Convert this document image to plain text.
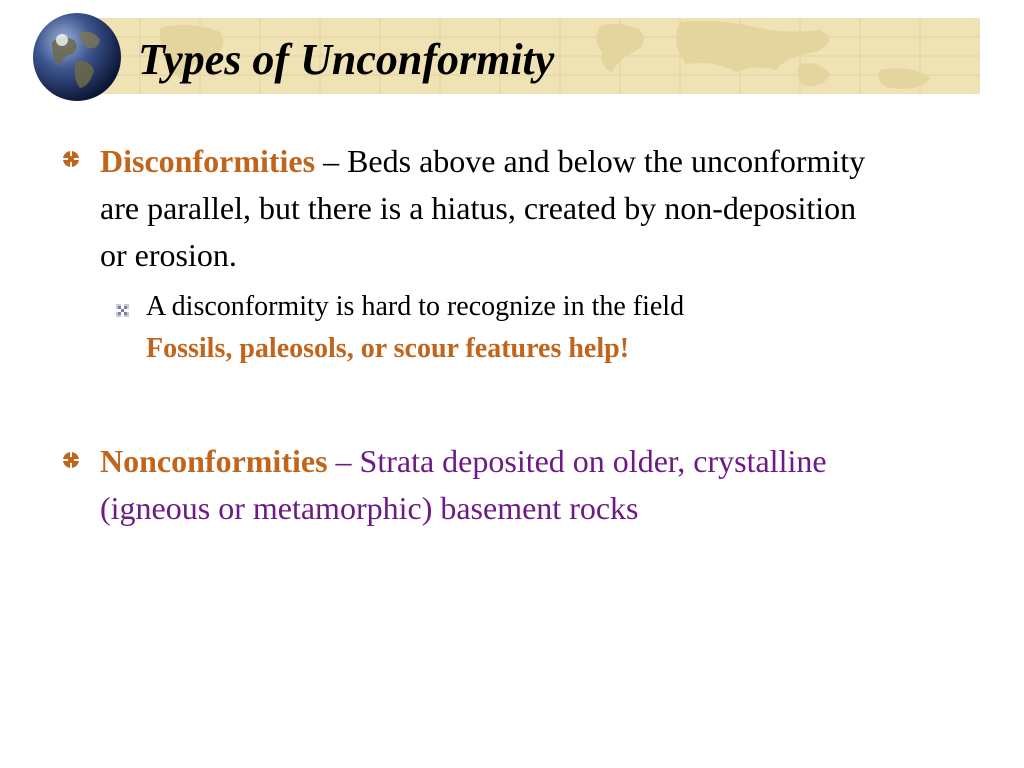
Types of Unconformity
Disconformities – Beds above and below the unconformity are parallel, but there is a hiatus, created by non-deposition or erosion.
A disconformity is hard to recognize in the field
Fossils, paleosols, or scour features help!
Nonconformities – Strata deposited on older, crystalline (igneous or metamorphic) basement rocks
